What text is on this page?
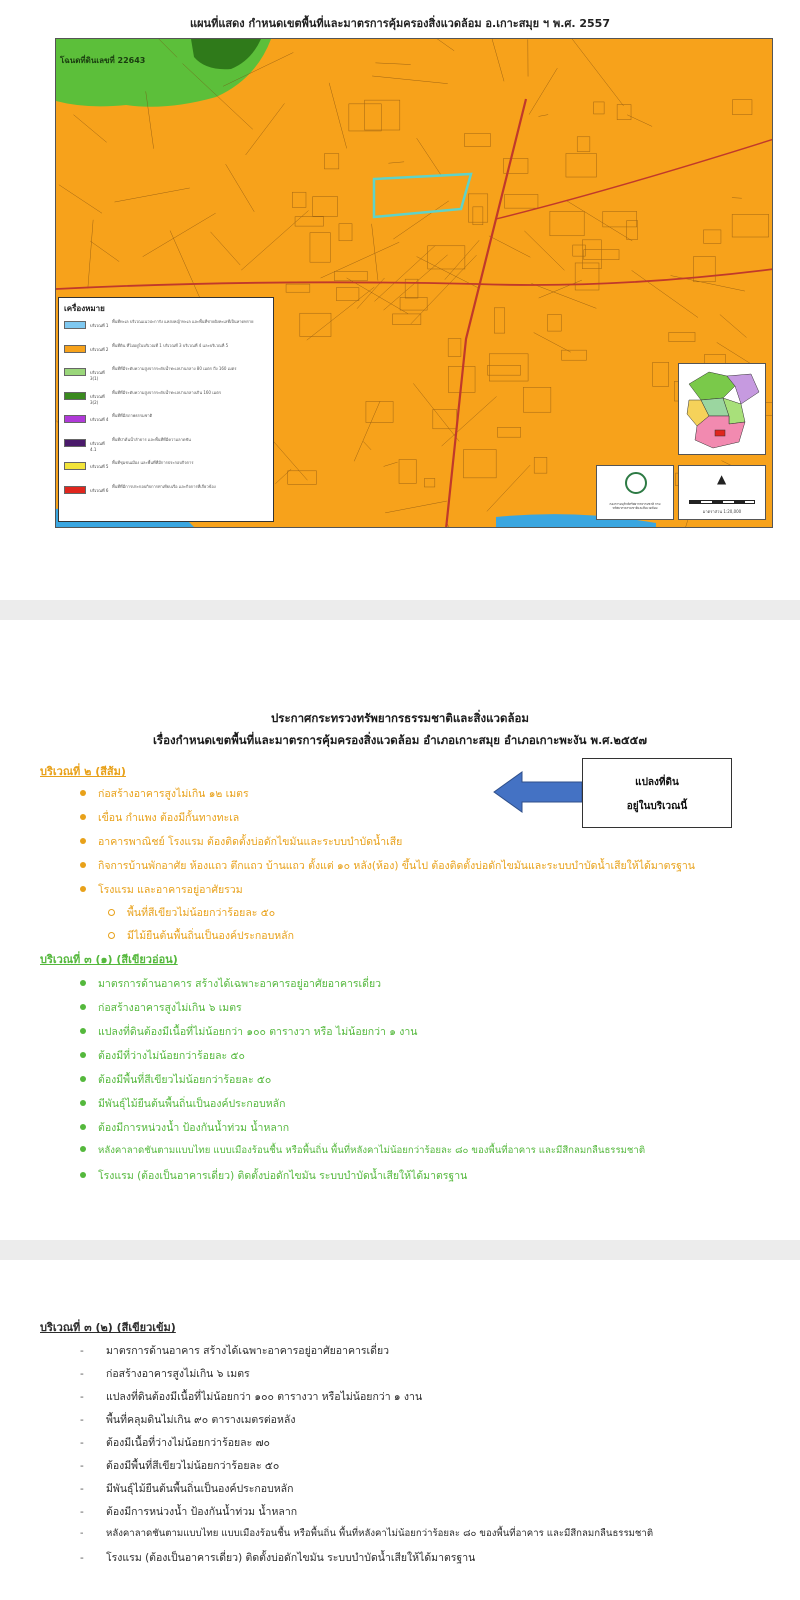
แผนที่แสดง กำหนดเขตพื้นที่และมาตรการคุ้มครองสิ่งแวดล้อม อ.เกาะสมุย ฯ พ.ศ. 2557
โฉนดที่ดินเลขที่ 22643
เครื่องหมาย
บริเวณที่ 1
พื้นที่ทะเล บริเวณแนวปะการัง แหล่งหญ้าทะเล และพื้นที่ชายฝั่งทะเลที่เป็นหาดทราย
บริเวณที่ 2
พื้นที่ดิน ที่ไม่อยู่ในบริเวณที่ 1 บริเวณที่ 3 บริเวณที่ 4 และบริเวณที่ 5
บริเวณที่ 3(1)
พื้นที่ที่มีระดับความสูงจากระดับน้ำทะเลปานกลาง 80 เมตร ถึง 160 เมตร
บริเวณที่ 3(2)
พื้นที่ที่มีระดับความสูงจากระดับน้ำทะเลปานกลางเกิน 160 เมตร
บริเวณที่ 4
พื้นที่ที่มีสภาพธรรมชาติ
บริเวณที่ 4.1
พื้นที่ป่าต้นน้ำลำธาร และพื้นที่ที่มีความลาดชัน
บริเวณที่ 5
พื้นที่ชุมชนเมือง และพื้นที่ที่มีการประกอบกิจการ
บริเวณที่ 6
พื้นที่ที่มีการประกอบกิจการท่าเทียบเรือ และกิจการที่เกี่ยวข้อง
กองการอนุรักษ์ทรัพยากรธรรมชาติ กรมทรัพยากรธรรมชาติและสิ่งแวดล้อม
▲
มาตราส่วน 1:20,000
ประกาศกระทรวงทรัพยากรธรรมชาติและสิ่งแวดล้อม
เรื่องกำหนดเขตพื้นที่และมาตรการคุ้มครองสิ่งแวดล้อม อำเภอเกาะสมุย อำเภอเกาะพะงัน พ.ศ.๒๕๕๗
แปลงที่ดิน
อยู่ในบริเวณนี้
บริเวณที่ ๒ (สีส้ม)
ก่อสร้างอาคารสูงไม่เกิน ๑๒ เมตร
เขื่อน กำแพง ต้องมีกั้นทางทะเล
อาคารพาณิชย์ โรงแรม ต้องติดตั้งบ่อดักไขมันและระบบบำบัดน้ำเสีย
กิจการบ้านพักอาศัย ห้องแถว ตึกแถว บ้านแถว ตั้งแต่ ๑๐ หลัง(ห้อง) ขึ้นไป ต้องติดตั้งบ่อดักไขมันและระบบบำบัดน้ำเสียให้ได้มาตรฐาน
โรงแรม และอาคารอยู่อาศัยรวม
พื้นที่สีเขียวไม่น้อยกว่าร้อยละ ๕๐
มีไม้ยืนต้นพื้นถิ่นเป็นองค์ประกอบหลัก
บริเวณที่ ๓ (๑) (สีเขียวอ่อน)
มาตรการด้านอาคาร สร้างได้เฉพาะอาคารอยู่อาศัยอาคารเดี่ยว
ก่อสร้างอาคารสูงไม่เกิน ๖ เมตร
แปลงที่ดินต้องมีเนื้อที่ไม่น้อยกว่า ๑๐๐ ตารางวา หรือ ไม่น้อยกว่า ๑ งาน
ต้องมีที่ว่างไม่น้อยกว่าร้อยละ ๕๐
ต้องมีพื้นที่สีเขียวไม่น้อยกว่าร้อยละ ๕๐
มีพันธุ์ไม้ยืนต้นพื้นถิ่นเป็นองค์ประกอบหลัก
ต้องมีการหน่วงน้ำ ป้องกันน้ำท่วม น้ำหลาก
หลังคาลาดชันตามแบบไทย แบบเมืองร้อนชื้น หรือพื้นถิ่น พื้นที่หลังคาไม่น้อยกว่าร้อยละ ๘๐ ของพื้นที่อาคาร และมีสีกลมกลืนธรรมชาติ
โรงแรม (ต้องเป็นอาคารเดี่ยว) ติดตั้งบ่อดักไขมัน ระบบบำบัดน้ำเสียให้ได้มาตรฐาน
บริเวณที่ ๓ (๒) (สีเขียวเข้ม)
- มาตรการด้านอาคาร สร้างได้เฉพาะอาคารอยู่อาศัยอาคารเดี่ยว
- ก่อสร้างอาคารสูงไม่เกิน ๖ เมตร
- แปลงที่ดินต้องมีเนื้อที่ไม่น้อยกว่า ๑๐๐ ตารางวา หรือไม่น้อยกว่า ๑ งาน
- พื้นที่คลุมดินไม่เกิน ๙๐ ตารางเมตรต่อหลัง
- ต้องมีเนื้อที่ว่างไม่น้อยกว่าร้อยละ ๗๐
- ต้องมีพื้นที่สีเขียวไม่น้อยกว่าร้อยละ ๕๐
- มีพันธุ์ไม้ยืนต้นพื้นถิ่นเป็นองค์ประกอบหลัก
- ต้องมีการหน่วงน้ำ ป้องกันน้ำท่วม น้ำหลาก
- หลังคาลาดชันตามแบบไทย แบบเมืองร้อนชื้น หรือพื้นถิ่น พื้นที่หลังคาไม่น้อยกว่าร้อยละ ๘๐ ของพื้นที่อาคาร และมีสีกลมกลืนธรรมชาติ
- โรงแรม (ต้องเป็นอาคารเดี่ยว) ติดตั้งบ่อดักไขมัน ระบบบำบัดน้ำเสียให้ได้มาตรฐาน
